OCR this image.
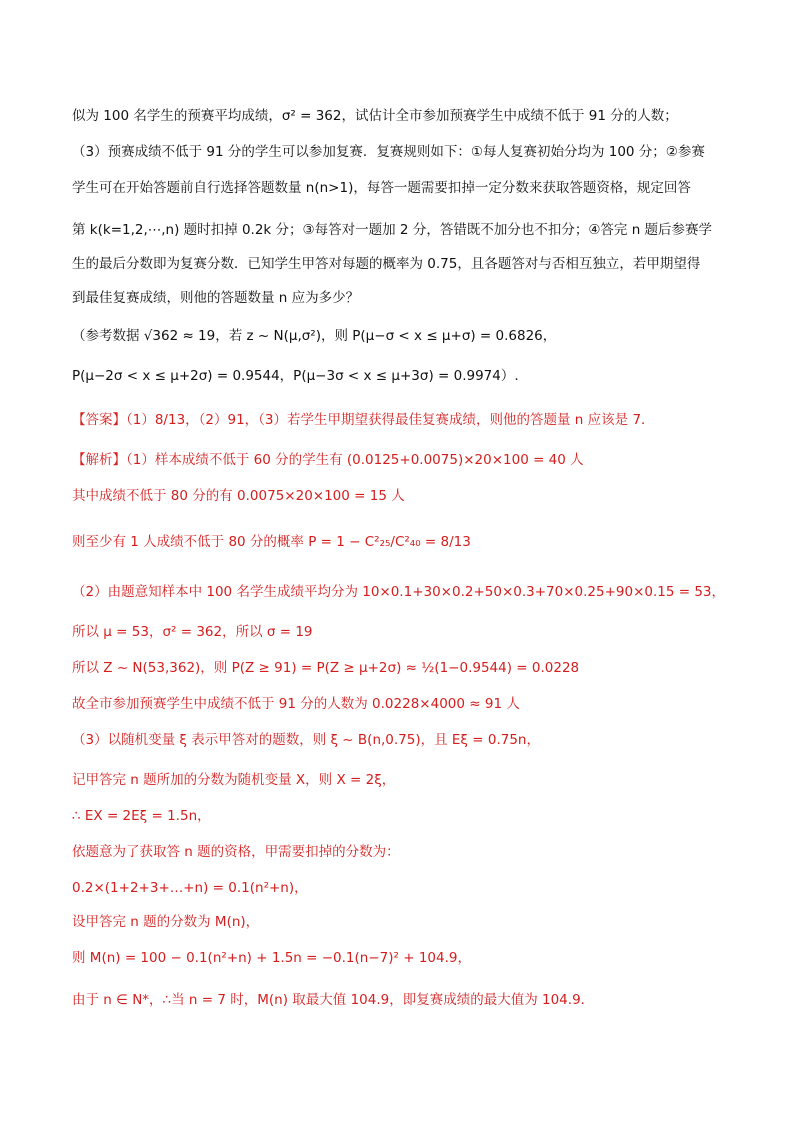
似为 100 名学生的预赛平均成绩，σ² = 362，试估计全市参加预赛学生中成绩不低于 91 分的人数；
（3）预赛成绩不低于 91 分的学生可以参加复赛．复赛规则如下：①每人复赛初始分均为 100 分；②参赛
学生可在开始答题前自行选择答题数量 n(n>1)，每答一题需要扣掉一定分数来获取答题资格，规定回答
第 k(k=1,2,⋯,n) 题时扣掉 0.2k 分；③每答对一题加 2 分，答错既不加分也不扣分；④答完 n 题后参赛学
生的最后分数即为复赛分数．已知学生甲答对每题的概率为 0.75，且各题答对与否相互独立，若甲期望得
到最佳复赛成绩，则他的答题数量 n 应为多少？
（参考数据 √362 ≈ 19，若 z ~ N(μ,σ²)，则 P(μ−σ < x ≤ μ+σ) = 0.6826，
P(μ−2σ < x ≤ μ+2σ) = 0.9544，P(μ−3σ < x ≤ μ+3σ) = 0.9974）.
【答案】（1）8/13，（2）91，（3）若学生甲期望获得最佳复赛成绩，则他的答题量 n 应该是 7．
【解析】（1）样本成绩不低于 60 分的学生有 (0.0125+0.0075)×20×100 = 40 人
其中成绩不低于 80 分的有 0.0075×20×100 = 15 人
则至少有 1 人成绩不低于 80 分的概率 P = 1 − C²₂₅/C²₄₀ = 8/13
（2）由题意知样本中 100 名学生成绩平均分为 10×0.1+30×0.2+50×0.3+70×0.25+90×0.15 = 53，
所以 μ = 53，σ² = 362，所以 σ = 19
所以 Z ~ N(53,362)，则 P(Z ≥ 91) = P(Z ≥ μ+2σ) ≈ ½(1−0.9544) = 0.0228
故全市参加预赛学生中成绩不低于 91 分的人数为 0.0228×4000 ≈ 91 人
（3）以随机变量 ξ 表示甲答对的题数，则 ξ ~ B(n,0.75)，且 Eξ = 0.75n，
记甲答完 n 题所加的分数为随机变量 X，则 X = 2ξ，
∴ EX = 2Eξ = 1.5n，
依题意为了获取答 n 题的资格，甲需要扣掉的分数为：
0.2×(1+2+3+…+n) = 0.1(n²+n)，
设甲答完 n 题的分数为 M(n)，
则 M(n) = 100 − 0.1(n²+n) + 1.5n = −0.1(n−7)² + 104.9，
由于 n ∈ N*，∴当 n = 7 时，M(n) 取最大值 104.9，即复赛成绩的最大值为 104.9．
